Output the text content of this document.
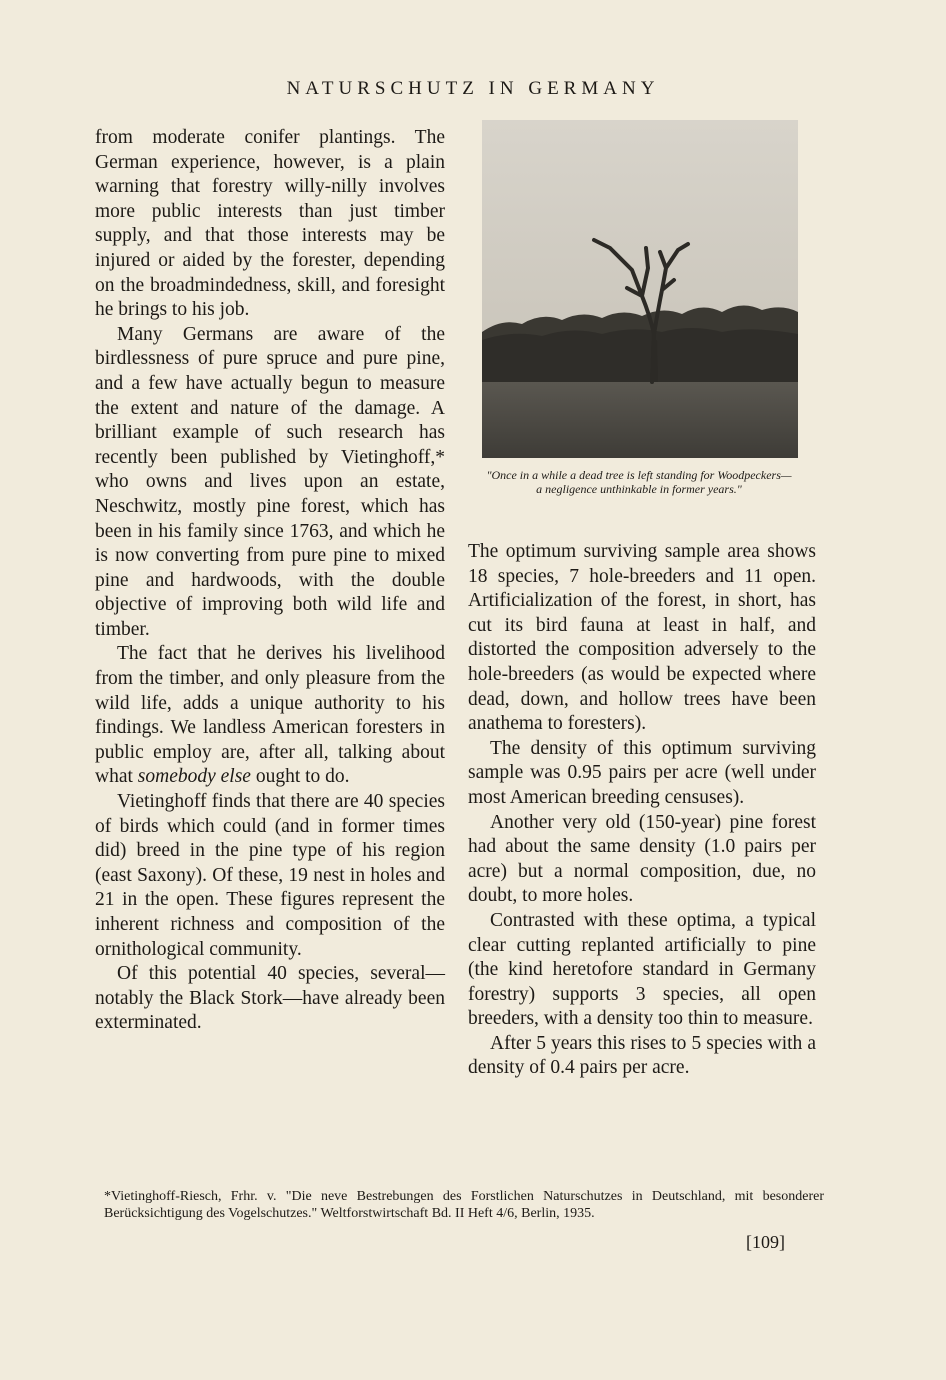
NATURSCHUTZ IN GERMANY

from moderate conifer plantings. The German experience, however, is a plain warning that forestry willy-nilly involves more public interests than just timber supply, and that those interests may be injured or aided by the forester, depending on the broadmindedness, skill, and foresight he brings to his job.

Many Germans are aware of the birdlessness of pure spruce and pure pine, and a few have actually begun to measure the extent and nature of the damage. A brilliant example of such research has recently been published by Vietinghoff,* who owns and lives upon an estate, Neschwitz, mostly pine forest, which has been in his family since 1763, and which he is now converting from pure pine to mixed pine and hardwoods, with the double objective of improving both wild life and timber.

The fact that he derives his livelihood from the timber, and only pleasure from the wild life, adds a unique authority to his findings. We landless American foresters in public employ are, after all, talking about what somebody else ought to do.

Vietinghoff finds that there are 40 species of birds which could (and in former times did) breed in the pine type of his region (east Saxony). Of these, 19 nest in holes and 21 in the open. These figures represent the inherent richness and composition of the ornithological community.

Of this potential 40 species, several—notably the Black Stork—have already been exterminated.

"Once in a while a dead tree is left standing for Woodpeckers—a negligence unthinkable in former years."

The optimum surviving sample area shows 18 species, 7 hole-breeders and 11 open. Artificialization of the forest, in short, has cut its bird fauna at least in half, and distorted the composition adversely to the hole-breeders (as would be expected where dead, down, and hollow trees have been anathema to foresters).

The density of this optimum surviving sample was 0.95 pairs per acre (well under most American breeding censuses).

Another very old (150-year) pine forest had about the same density (1.0 pairs per acre) but a normal composition, due, no doubt, to more holes.

Contrasted with these optima, a typical clear cutting replanted artificially to pine (the kind heretofore standard in Germany forestry) supports 3 species, all open breeders, with a density too thin to measure.

After 5 years this rises to 5 species with a density of 0.4 pairs per acre.

*Vietinghoff-Riesch, Frhr. v. "Die neve Bestrebungen des Forstlichen Naturschutzes in Deutschland, mit besonderer Berücksichtigung des Vogelschutzes." Weltforstwirtschaft Bd. II Heft 4/6, Berlin, 1935.
[109]
